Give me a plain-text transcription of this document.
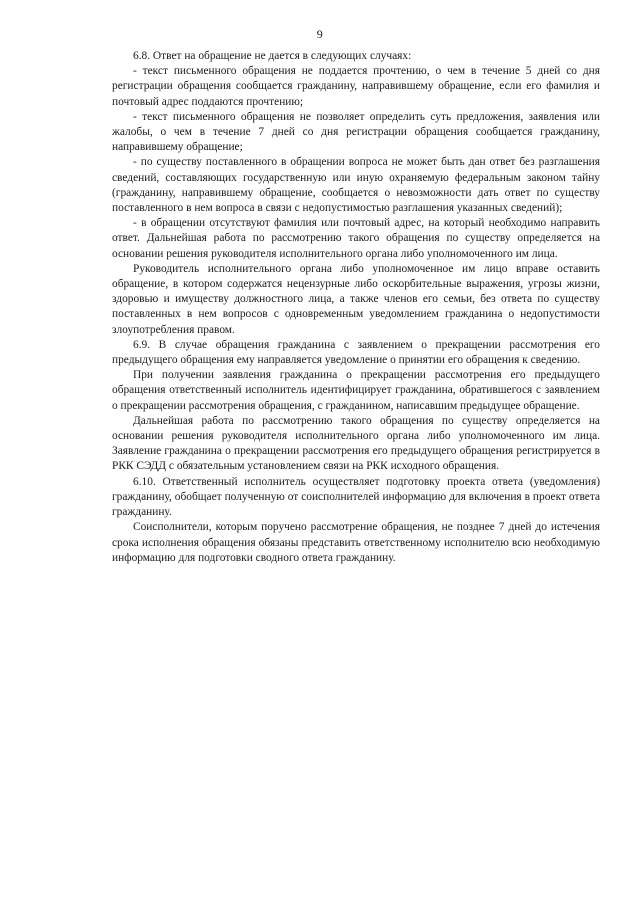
9

6.8. Ответ на обращение не дается в следующих случаях:

- текст письменного обращения не поддается прочтению, о чем в течение 5 дней со дня регистрации обращения сообщается гражданину, направившему обращение, если его фамилия и почтовый адрес поддаются прочтению;

- текст письменного обращения не позволяет определить суть предложения, заявления или жалобы, о чем в течение 7 дней со дня регистрации обращения сообщается гражданину, направившему обращение;

- по существу поставленного в обращении вопроса не может быть дан ответ без разглашения сведений, составляющих государственную или иную охраняемую федеральным законом тайну (гражданину, направившему обращение, сообщается о невозможности дать ответ по существу поставленного в нем вопроса в связи с недопустимостью разглашения указанных сведений);

- в обращении отсутствуют фамилия или почтовый адрес, на который необходимо направить ответ. Дальнейшая работа по рассмотрению такого обращения по существу определяется на основании решения руководителя исполнительного органа либо уполномоченного им лица.

Руководитель исполнительного органа либо уполномоченное им лицо вправе оставить обращение, в котором содержатся нецензурные либо оскорбительные выражения, угрозы жизни, здоровью и имуществу должностного лица, а также членов его семьи, без ответа по существу поставленных в нем вопросов с одновременным уведомлением гражданина о недопустимости злоупотребления правом.

6.9. В случае обращения гражданина с заявлением о прекращении рассмотрения его предыдущего обращения ему направляется уведомление о принятии его обращения к сведению.

При получении заявления гражданина о прекращении рассмотрения его предыдущего обращения ответственный исполнитель идентифицирует гражданина, обратившегося с заявлением о прекращении рассмотрения обращения, с гражданином, написавшим предыдущее обращение.

Дальнейшая работа по рассмотрению такого обращения по существу определяется на основании решения руководителя исполнительного органа либо уполномоченного им лица. Заявление гражданина о прекращении рассмотрения его предыдущего обращения регистрируется в РКК СЭДД с обязательным установлением связи на РКК исходного обращения.

6.10. Ответственный исполнитель осуществляет подготовку проекта ответа (уведомления) гражданину, обобщает полученную от соисполнителей информацию для включения в проект ответа гражданину.

Соисполнители, которым поручено рассмотрение обращения, не позднее 7 дней до истечения срока исполнения обращения обязаны представить ответственному исполнителю всю необходимую информацию для подготовки сводного ответа гражданину.
